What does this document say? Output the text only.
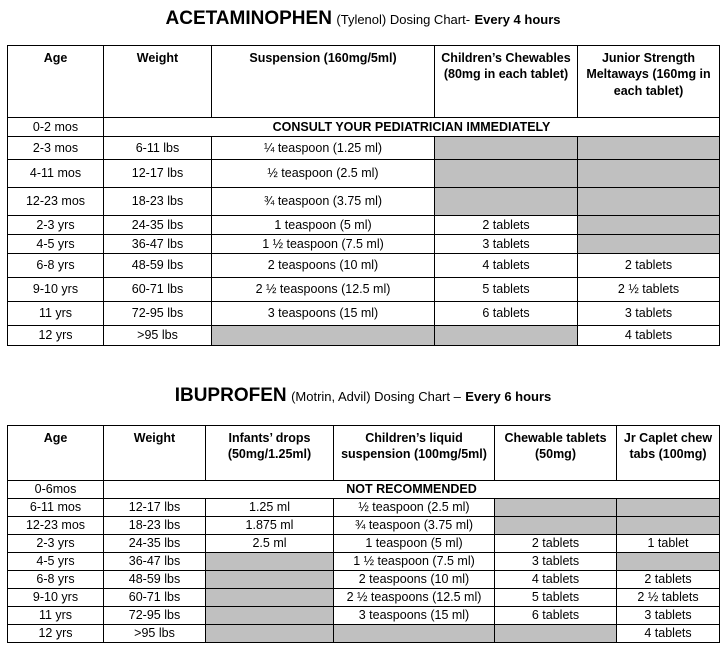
ACETAMINOPHEN (Tylenol) Dosing Chart- Every 4 hours
Age	Weight	Suspension (160mg/5ml)	Children’s Chewables (80mg in each tablet)	Junior Strength Meltaways (160mg in each tablet)
0-2 mos	CONSULT YOUR PEDIATRICIAN IMMEDIATELY			
2-3 mos	6-11 lbs	¼ teaspoon (1.25 ml)		
4-11 mos	12-17 lbs	½ teaspoon (2.5 ml)		
12-23 mos	18-23 lbs	¾ teaspoon (3.75 ml)		
2-3 yrs	24-35 lbs	1 teaspoon (5 ml)	2 tablets	
4-5 yrs	36-47 lbs	1 ½ teaspoon (7.5 ml)	3 tablets	
6-8 yrs	48-59 lbs	2 teaspoons (10 ml)	4 tablets	2 tablets
9-10 yrs	60-71 lbs	2 ½ teaspoons (12.5 ml)	5 tablets	2 ½ tablets
11 yrs	72-95 lbs	3 teaspoons (15 ml)	6 tablets	3 tablets
12 yrs	>95 lbs			4 tablets
IBUPROFEN (Motrin, Advil) Dosing Chart – Every 6 hours
Age	Weight	Infants’ drops (50mg/1.25ml)	Children’s liquid suspension (100mg/5ml)	Chewable tablets (50mg)	Jr Caplet chew tabs (100mg)
0-6mos	NOT RECOMMENDED				
6-11 mos	12-17 lbs	1.25 ml	½ teaspoon (2.5 ml)		
12-23 mos	18-23 lbs	1.875 ml	¾ teaspoon (3.75 ml)		
2-3 yrs	24-35 lbs	2.5 ml	1 teaspoon (5 ml)	2 tablets	1 tablet
4-5 yrs	36-47 lbs		1 ½ teaspoon (7.5 ml)	3 tablets	
6-8 yrs	48-59 lbs		2 teaspoons (10 ml)	4 tablets	2 tablets
9-10 yrs	60-71 lbs		2 ½ teaspoons (12.5 ml)	5 tablets	2 ½ tablets
11 yrs	72-95 lbs		3 teaspoons (15 ml)	6 tablets	3 tablets
12 yrs	>95 lbs				4 tablets
